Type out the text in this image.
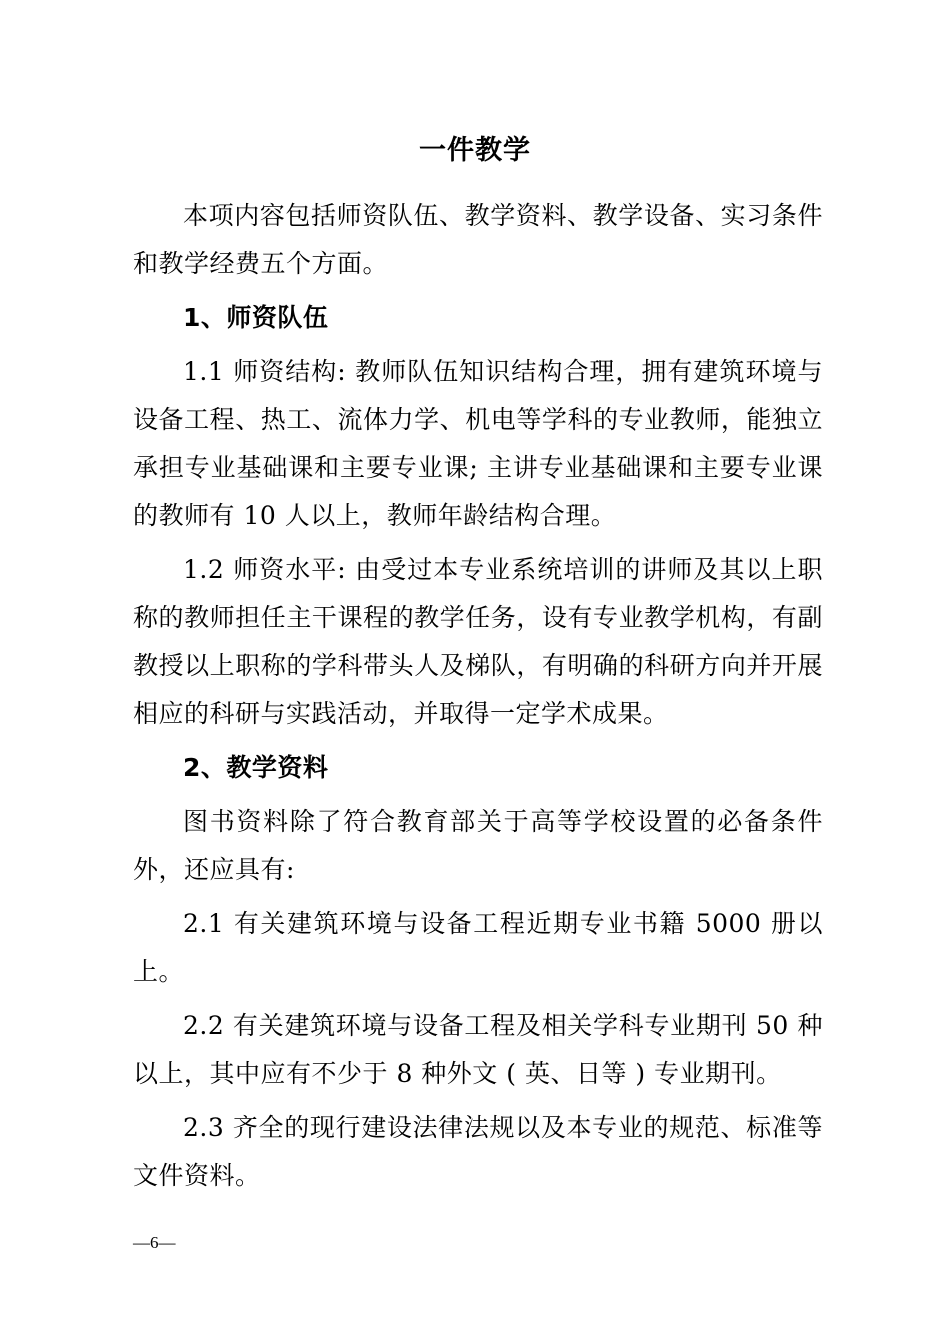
一件教学

本项内容包括师资队伍、教学资料、教学设备、实习条件和教学经费五个方面。

1、师资队伍

1.1 师资结构: 教师队伍知识结构合理，拥有建筑环境与设备工程、热工、流体力学、机电等学科的专业教师，能独立承担专业基础课和主要专业课; 主讲专业基础课和主要专业课的教师有 10 人以上，教师年龄结构合理。

1.2 师资水平: 由受过本专业系统培训的讲师及其以上职称的教师担任主干课程的教学任务，设有专业教学机构，有副教授以上职称的学科带头人及梯队，有明确的科研方向并开展相应的科研与实践活动，并取得一定学术成果。

2、教学资料

图书资料除了符合教育部关于高等学校设置的必备条件外，还应具有:

2.1 有关建筑环境与设备工程近期专业书籍 5000 册以上。

2.2 有关建筑环境与设备工程及相关学科专业期刊 50 种以上，其中应有不少于 8 种外文 ( 英、日等 ) 专业期刊。

2.3 齐全的现行建设法律法规以及本专业的规范、标准等文件资料。

—6—
